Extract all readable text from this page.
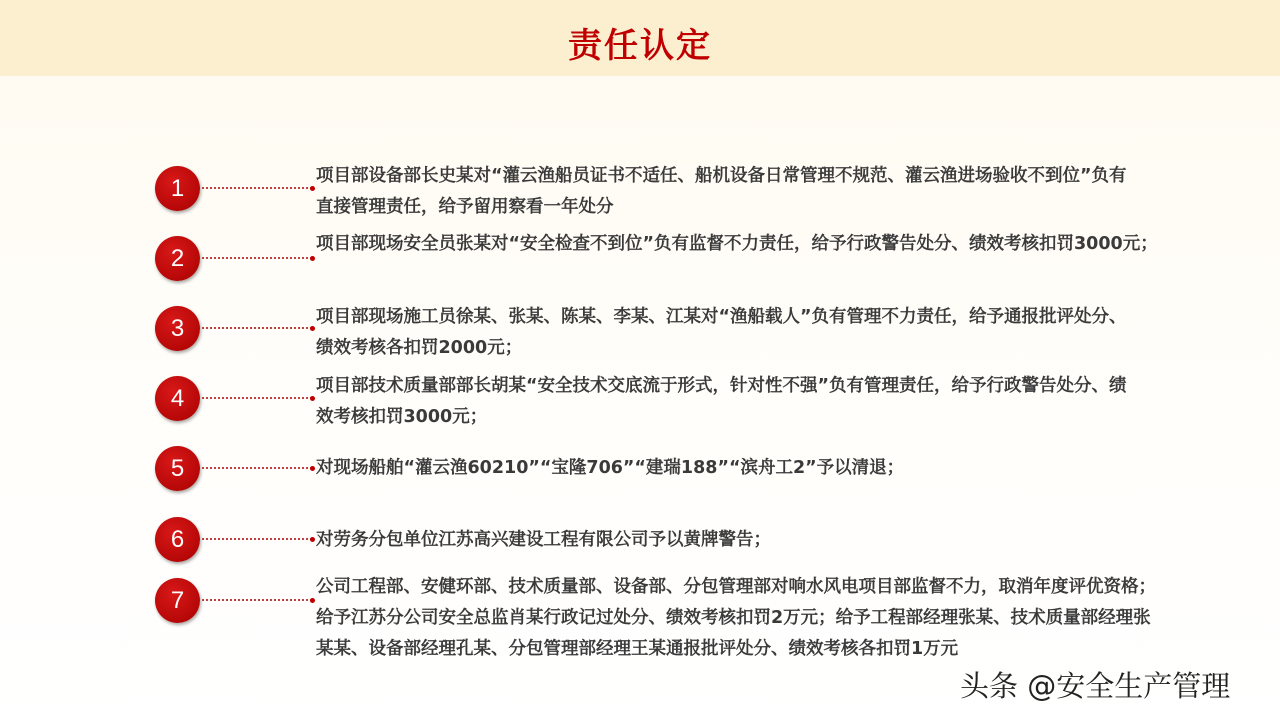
责任认定
1	项目部设备部长史某对“灌云渔船员证书不适任、船机设备日常管理不规范、灌云渔进场验收不到位”负有
直接管理责任，给予留用察看一年处分
2
项目部现场安全员张某对“安全检查不到位”负有监督不力责任，给予行政警告处分、绩效考核扣罚3000元；
3	项目部现场施工员徐某、张某、陈某、李某、江某对“渔船载人”负有管理不力责任，给予通报批评处分、
绩效考核各扣罚2000元；
4	项目部技术质量部部长胡某“安全技术交底流于形式，针对性不强”负有管理责任，给予行政警告处分、绩
效考核扣罚3000元；
5	对现场船舶“灌云渔60210”“宝隆706”“建瑞188”“滨舟工2”予以清退；
6	对劳务分包单位江苏高兴建设工程有限公司予以黄牌警告；
7	公司工程部、安健环部、技术质量部、设备部、分包管理部对响水风电项目部监督不力，取消年度评优资格；
给予江苏分公司安全总监肖某行政记过处分、绩效考核扣罚2万元；给予工程部经理张某、技术质量部经理张
某某、设备部经理孔某、分包管理部经理王某通报批评处分、绩效考核各扣罚1万元
头条 @安全生产管理
